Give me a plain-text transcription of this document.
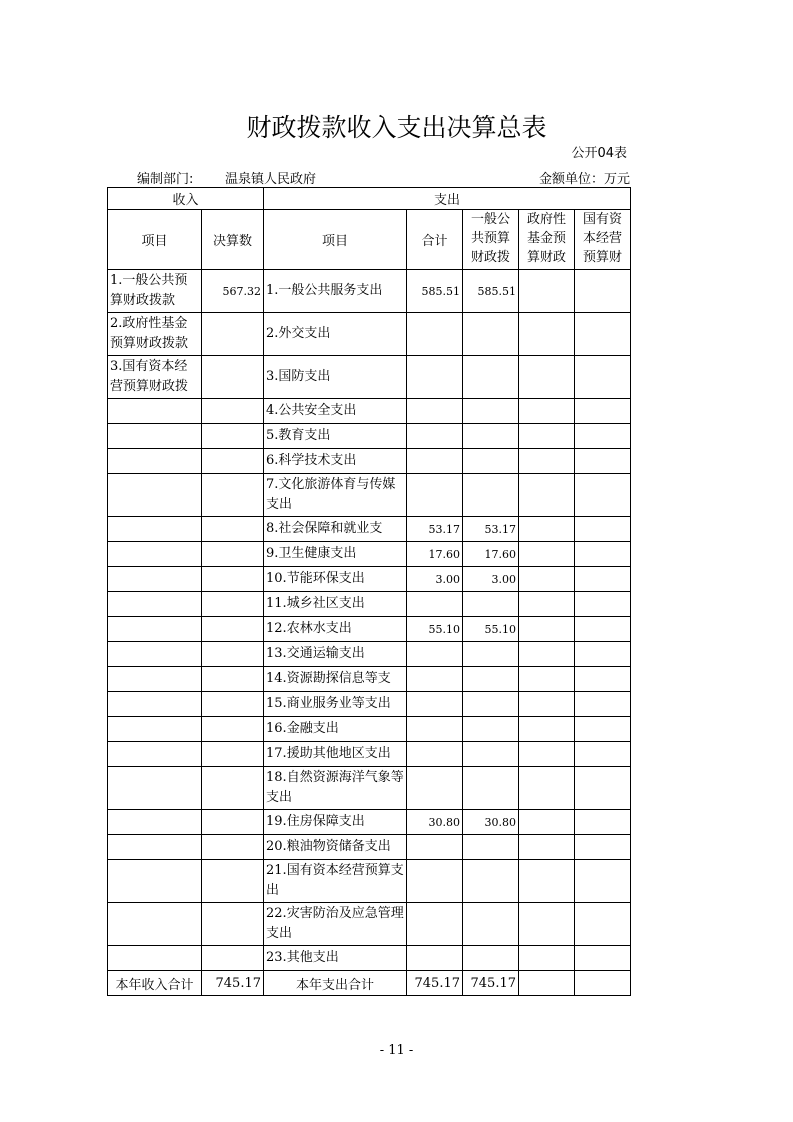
财政拨款收入支出决算总表
公开04表
编制部门: 温泉镇人民政府	金额单位：万元
收入		支出				
项目	决算数	项目	合计	一般公共预算财政拨	政府性基金预算财政	国有资本经营预算财

1.一般公共预算财政拨款	567.32	1.一般公共服务支出	585.51	585.51		
2.政府性基金预算财政拨款		2.外交支出				
3.国有资本经营预算财政拨		3.国防支出				
		4.公共安全支出				
		5.教育支出				
		6.科学技术支出				
		7.文化旅游体育与传媒支出				
		8.社会保障和就业支	53.17	53.17		
		9.卫生健康支出	17.60	17.60		
		10.节能环保支出	3.00	3.00		
		11.城乡社区支出				
		12.农林水支出	55.10	55.10		
		13.交通运输支出				
		14.资源勘探信息等支				
		15.商业服务业等支出				
		16.金融支出				
		17.援助其他地区支出				
		18.自然资源海洋气象等支出				
		19.住房保障支出	30.80	30.80		
		20.粮油物资储备支出				
		21.国有资本经营预算支出				
		22.灾害防治及应急管理支出				
		23.其他支出				
本年收入合计	745.17	本年支出合计	745.17	745.17		
- 11 -
